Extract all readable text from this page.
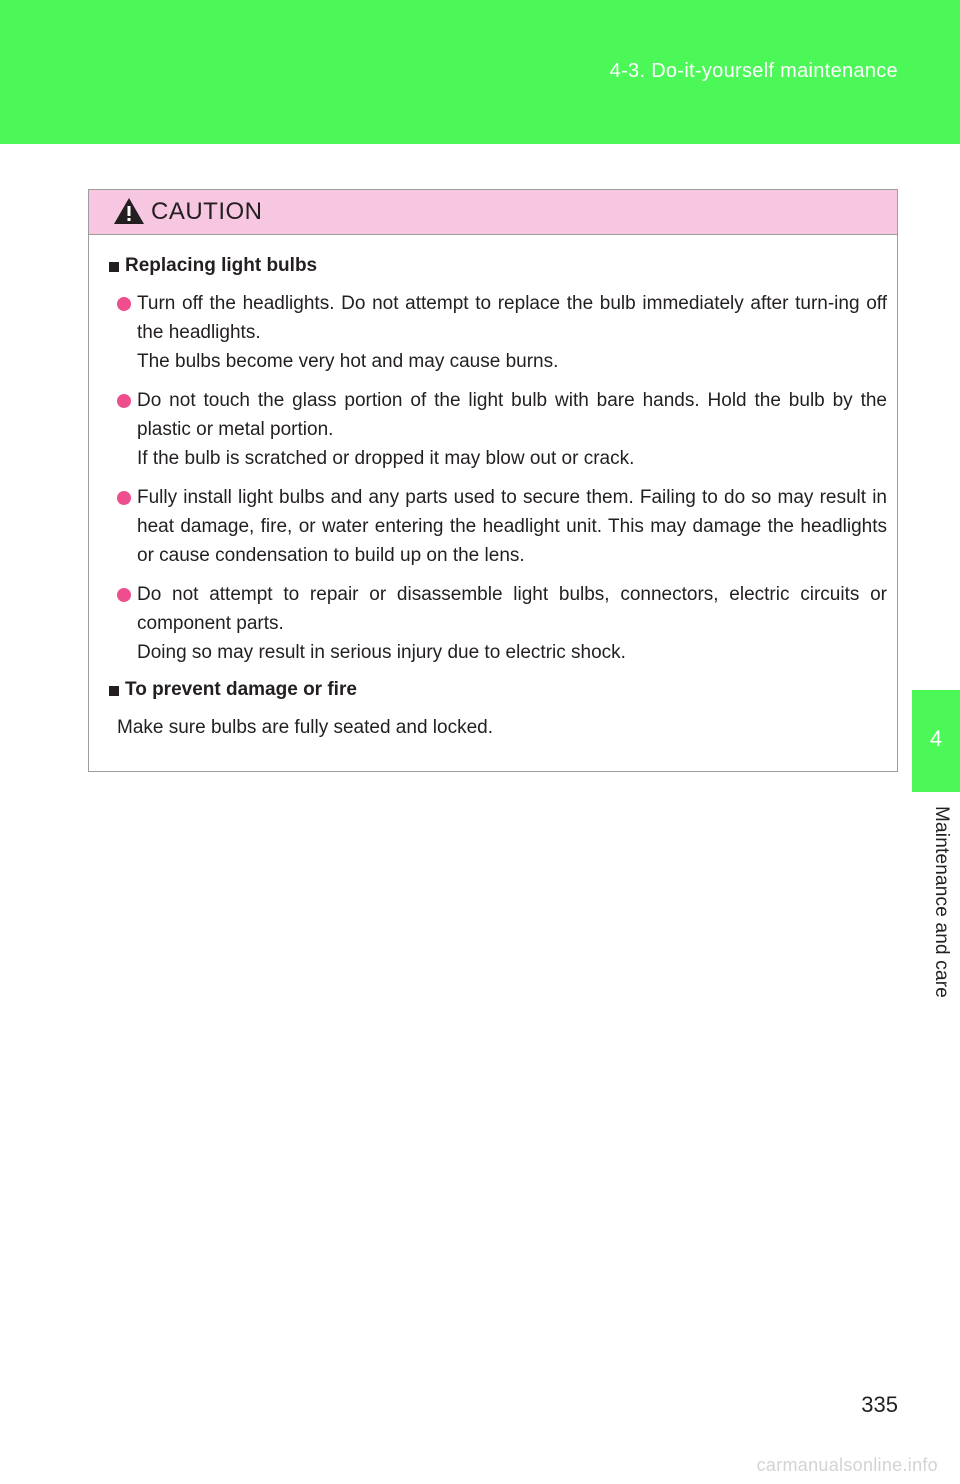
4-3. Do-it-yourself maintenance
4
Maintenance and care
CAUTION
Replacing light bulbs

Turn off the headlights. Do not attempt to replace the bulb immediately after turn-ing off the headlights.

The bulbs become very hot and may cause burns.

Do not touch the glass portion of the light bulb with bare hands. Hold the bulb by the plastic or metal portion.

If the bulb is scratched or dropped it may blow out or crack.

Fully install light bulbs and any parts used to secure them. Failing to do so may result in heat damage, fire, or water entering the headlight unit. This may damage the headlights or cause condensation to build up on the lens.

Do not attempt to repair or disassemble light bulbs, connectors, electric circuits or component parts.

Doing so may result in serious injury due to electric shock.

To prevent damage or fire

Make sure bulbs are fully seated and locked.

335
carmanualsonline.info
